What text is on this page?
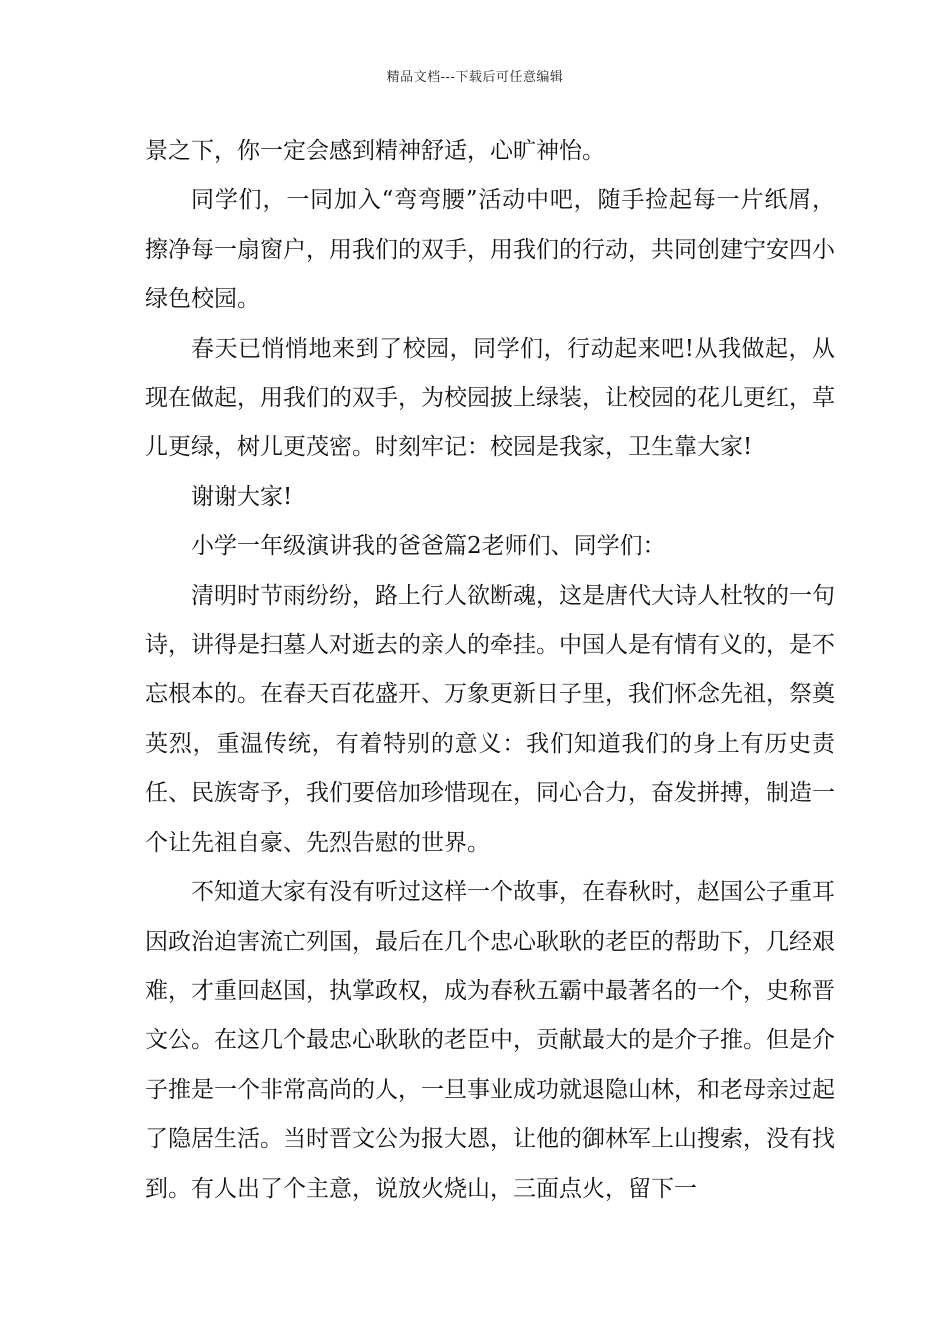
精品文档---下载后可任意编辑

景之下，你一定会感到精神舒适，心旷神怡。

同学们，一同加入“弯弯腰”活动中吧，随手捡起每一片纸屑，擦净每一扇窗户，用我们的双手，用我们的行动，共同创建宁安四小绿色校园。

春天已悄悄地来到了校园，同学们，行动起来吧!从我做起，从现在做起，用我们的双手，为校园披上绿装，让校园的花儿更红，草儿更绿，树儿更茂密。时刻牢记：校园是我家，卫生靠大家!

谢谢大家!

小学一年级演讲我的爸爸篇2老师们、同学们：

清明时节雨纷纷，路上行人欲断魂，这是唐代大诗人杜牧的一句诗，讲得是扫墓人对逝去的亲人的牵挂。中国人是有情有义的，是不忘根本的。在春天百花盛开、万象更新日子里，我们怀念先祖，祭奠英烈，重温传统，有着特别的意义：我们知道我们的身上有历史责任、民族寄予，我们要倍加珍惜现在，同心合力，奋发拼搏，制造一个让先祖自豪、先烈告慰的世界。

不知道大家有没有听过这样一个故事，在春秋时，赵国公子重耳因政治迫害流亡列国，最后在几个忠心耿耿的老臣的帮助下，几经艰难，才重回赵国，执掌政权，成为春秋五霸中最著名的一个，史称晋文公。在这几个最忠心耿耿的老臣中，贡献最大的是介子推。但是介子推是一个非常高尚的人，一旦事业成功就退隐山林，和老母亲过起了隐居生活。当时晋文公为报大恩，让他的御林军上山搜索，没有找到。有人出了个主意，说放火烧山，三面点火，留下一
